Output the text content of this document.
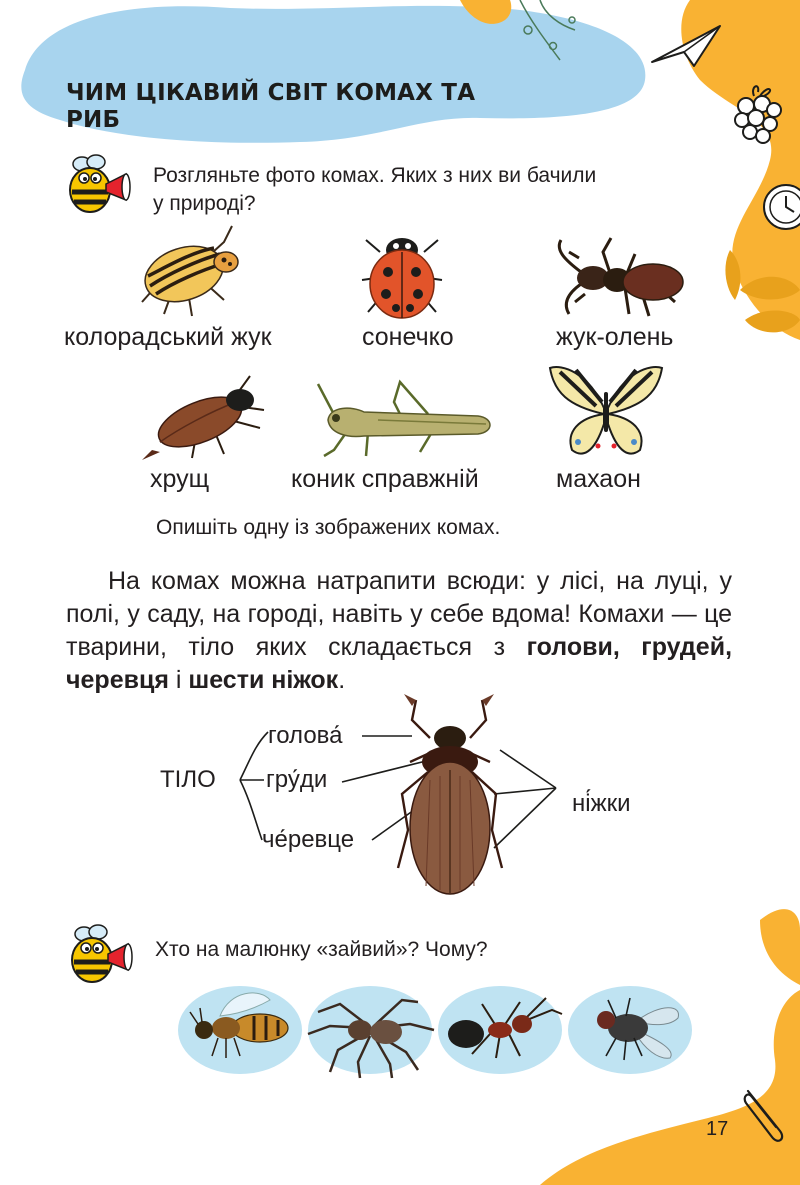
ЧИМ ЦІКАВИЙ СВІТ КОМАХ ТА РИБ
Розгляньте фото комах. Яких з них ви бачили
у природі?
колорадський жук	сонечко	жук-олень
хрущ	коник справжній	махаон
Опишіть одну із зображених комах.
На комах можна натрапити всюди: у лісі, на луці, у полі, у саду, на городі, навіть у себе вдома! Комахи — це тварини, тіло яких складається з голови, грудей, черевця і шести ніжок.
ТІЛО
голова́
гру́ди
че́ревце
ні́жки
Хто на малюнку «зайвий»? Чому?
17
